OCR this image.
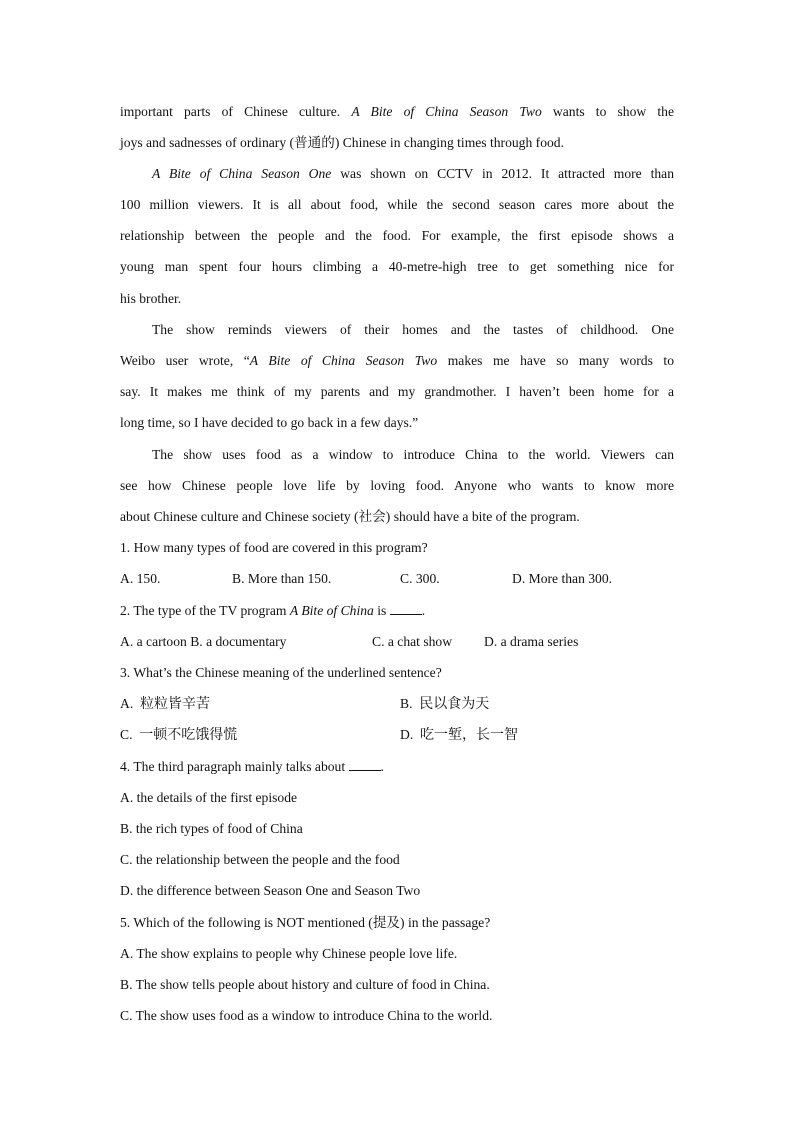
important parts of Chinese culture. A Bite of China Season Two wants to show the
joys and sadnesses of ordinary (普通的) Chinese in changing times through food.
A Bite of China Season One was shown on CCTV in 2012. It attracted more than
100 million viewers. It is all about food, while the second season cares more about the
relationship between the people and the food. For example, the first episode shows a
young man spent four hours climbing a 40-metre-high tree to get something nice for
his brother.
The show reminds viewers of their homes and the tastes of childhood. One
Weibo user wrote, “A Bite of China Season Two makes me have so many words to
say. It makes me think of my parents and my grandmother. I haven’t been home for a
long time, so I have decided to go back in a few days.”
The show uses food as a window to introduce China to the world. Viewers can
see how Chinese people love life by loving food. Anyone who wants to know more
about Chinese culture and Chinese society (社会) should have a bite of the program.
1. How many types of food are covered in this program?
A. 150.	B. More than 150.	C. 300.	D. More than 300.
2. The type of the TV program A Bite of China is .
A. a cartoon B. a documentary	C. a chat show D. a drama series
3. What’s the Chinese meaning of the underlined sentence?
A. 粒粒皆辛苦	B. 民以食为天
C. 一顿不吃饿得慌	D. 吃一堑，长一智
4. The third paragraph mainly talks about .
A. the details of the first episode
B. the rich types of food of China
C. the relationship between the people and the food
D. the difference between Season One and Season Two
5. Which of the following is NOT mentioned (提及) in the passage?
A. The show explains to people why Chinese people love life.
B. The show tells people about history and culture of food in China.
C. The show uses food as a window to introduce China to the world.
